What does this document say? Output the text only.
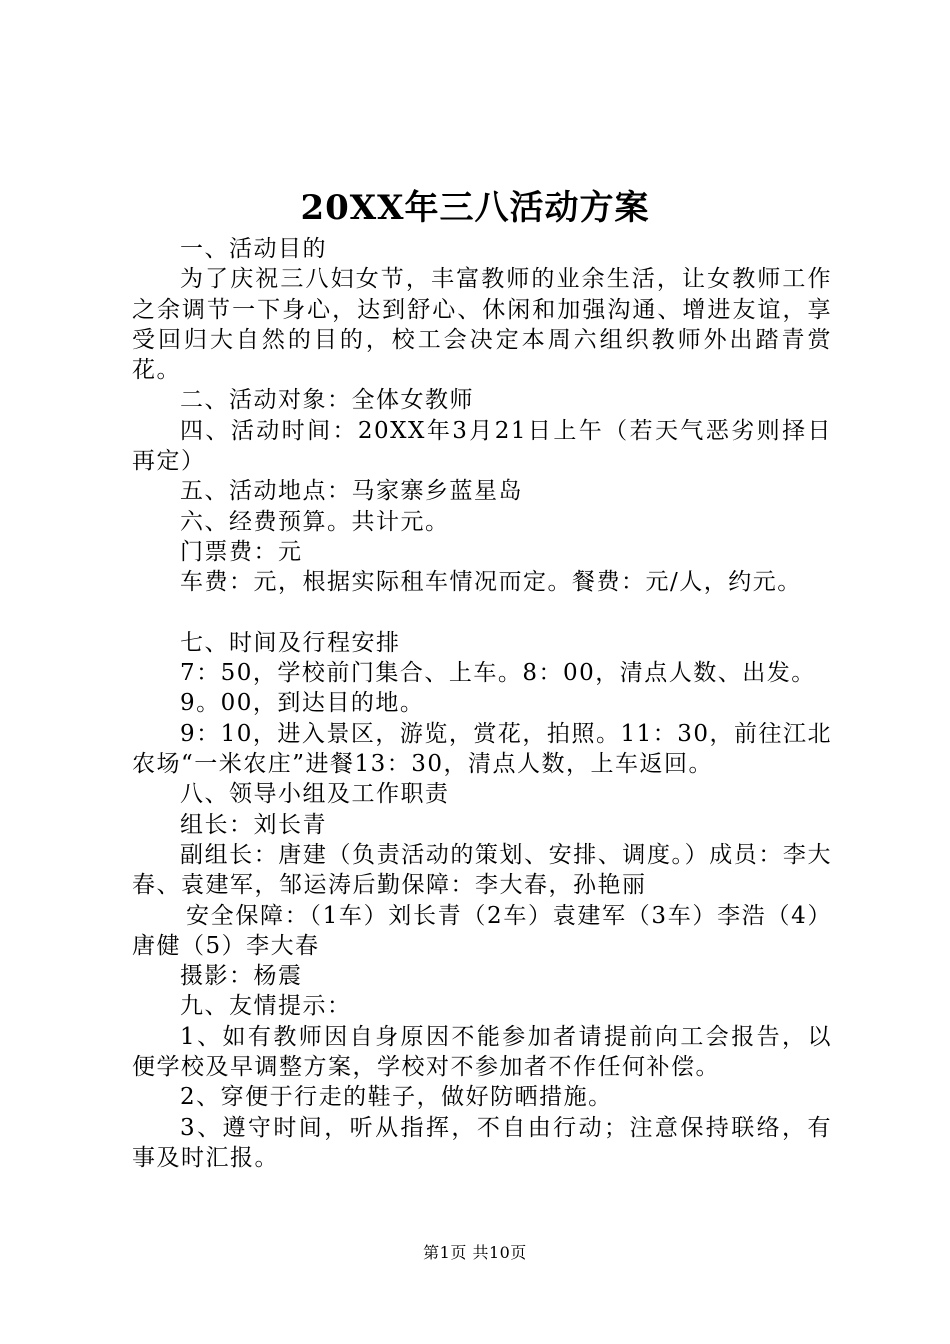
20XX年三八活动方案

一、活动目的

为了庆祝三八妇女节，丰富教师的业余生活，让女教师工作之余调节一下身心，达到舒心、休闲和加强沟通、增进友谊，享受回归大自然的目的，校工会决定本周六组织教师外出踏青赏花。

二、活动对象：全体女教师

四、活动时间：20XX年3月21日上午（若天气恶劣则择日再定）

五、活动地点：马家寨乡蓝星岛

六、经费预算。共计元。

门票费：元

车费：元，根据实际租车情况而定。餐费：元/人，约元。

七、时间及行程安排

7：50，学校前门集合、上车。8：00，清点人数、出发。

9。00，到达目的地。

9：10，进入景区，游览，赏花，拍照。11：30，前往江北农场“一米农庄”进餐13：30，清点人数，上车返回。

八、领导小组及工作职责

组长：刘长青

副组长：唐建（负责活动的策划、安排、调度。）成员：李大春、袁建军，邹运涛后勤保障：李大春，孙艳丽

安全保障：（1车）刘长青（2车）袁建军（3车）李浩（4）唐健（5）李大春

摄影：杨震

九、友情提示：

1、如有教师因自身原因不能参加者请提前向工会报告，以便学校及早调整方案，学校对不参加者不作任何补偿。

2、穿便于行走的鞋子，做好防晒措施。

3、遵守时间，听从指挥，不自由行动；注意保持联络，有事及时汇报。

第1页 共10页
